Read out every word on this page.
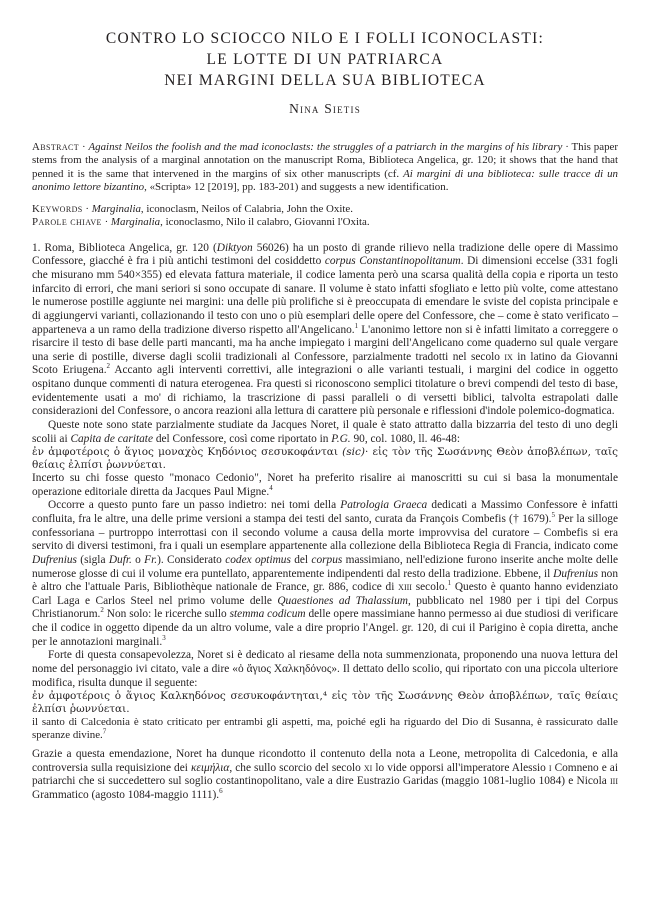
CONTRO LO SCIOCCO NILO E I FOLLI ICONOCLASTI:
LE LOTTE DI UN PATRIARCA
NEI MARGINI DELLA SUA BIBLIOTECA
Nina Sietis
Abstract · Against Neilos the foolish and the mad iconoclasts: the struggles of a patriarch in the margins of his library · This paper stems from the analysis of a marginal annotation on the manuscript Roma, Biblioteca Angelica, gr. 120; it shows that the hand that penned it is the same that intervened in the margins of six other manuscripts (cf. Ai margini di una biblioteca: sulle tracce di un anonimo lettore bizantino, «Scripta» 12 [2019], pp. 183-201) and suggests a new identification.
Keywords · Marginalia, iconoclasm, Neilos of Calabria, John the Oxite.
Parole chiave · Marginalia, iconoclasmo, Nilo il calabro, Giovanni l'Oxita.

1. Roma, Biblioteca Angelica, gr. 120 (Diktyon 56026) ha un posto di grande rilievo nella tradizione delle opere di Massimo Confessore, giacché è fra i più antichi testimoni del cosiddetto corpus Constantinopolitanum. Di dimensioni eccelse (331 fogli che misurano mm 540×355) ed elevata fattura materiale, il codice lamenta però una scarsa qualità della copia e riporta un testo infarcito di errori, che mani seriori si sono occupate di sanare. Il volume è stato infatti sfogliato e letto più volte, come attestano le numerose postille aggiunte nei margini: una delle più prolifiche si è preoccupata di emendare le sviste del copista principale e di aggiungervi varianti, collazionando il testo con uno o più esemplari delle opere del Confessore, che – come è stato verificato – apparteneva a un ramo della tradizione diverso rispetto all'Angelicano.$^1$ L'anonimo lettore non si è infatti limitato a correggere o risarcire il testo di base delle parti mancanti, ma ha anche impiegato i margini dell'Angelicano come quaderno sul quale vergare una serie di postille, diverse dagli scolii tradizionali al Confessore, parzialmente tradotti nel secolo ix in latino da Giovanni Scoto Eriugena.$^2$ Accanto agli interventi correttivi, alle integrazioni o alle varianti testuali, i margini del codice in oggetto ospitano dunque commenti di natura eterogenea. Fra questi si riconoscono semplici titolature o brevi compendi del testo di base, evidentemente usati a mo' di richiamo, la trascrizione di passi paralleli o di versetti biblici, talvolta estrapolati dalle considerazioni del Confessore, o ancora reazioni alla lettura di carattere più personale e riflessioni d'indole polemico-dogmatica.

Queste note sono state parzialmente studiate da Jacques Noret, il quale è stato attratto dalla bizzarria del testo di uno degli scolii ai Capita de caritate del Confessore, così come riportato in P.G. 90, col. 1080, ll. 46-48:

ἐν ἀμφοτέροις ὁ ἅγιος μοναχὸς Κηδόνιος σεσυκοφάνται (sic)· εἰς τὸν τῆς Σωσάννης Θεὸν ἀποβλέπων, ταῖς θείαις ἐλπίσι ῥωννύεται.

Incerto su chi fosse questo "monaco Cedonio", Noret ha preferito risalire ai manoscritti su cui si basa la monumentale operazione editoriale diretta da Jacques Paul Migne.$^4$

Occorre a questo punto fare un passo indietro: nei tomi della Patrologia Graeca dedicati a Massimo Confessore è infatti confluita, fra le altre, una delle prime versioni a stampa dei testi del santo, curata da François Combefis († 1679).$^5$ Per la silloge confessoriana – purtroppo interrottasi con il secondo volume a causa della morte improvvisa del curatore – Combefis si era servito di diversi testimoni, fra i quali un esemplare appartenente alla collezione della Biblioteca Regia di Francia, indicato come Dufrenius (sigla Dufr. o Fr.). Considerato codex optimus del corpus massimiano, nell'edizione furono inserite anche molte delle numerose glosse di cui il volume era puntellato, apparentemente indipendenti dal resto della tradizione. Ebbene, il Dufrenius non è altro che l'attuale Paris, Bibliothèque nationale de France, gr. 886, codice di xiii secolo.$^1$ Questo è quanto hanno evidenziato Carl Laga e Carlos Steel nel primo volume delle Quaestiones ad Thalassium, pubblicato nel 1980 per i tipi del Corpus Christianorum.$^2$ Non solo: le ricerche sullo stemma codicum delle opere massimiane hanno permesso ai due studiosi di verificare che il codice in oggetto dipende da un altro volume, vale a dire proprio l'Angel. gr. 120, di cui il Parigino è copia diretta, anche per le annotazioni marginali.$^3$

Forte di questa consapevolezza, Noret si è dedicato al riesame della nota summenzionata, proponendo una nuova lettura del nome del personaggio ivi citato, vale a dire «ὁ ἅγιος Χαλκηδόνος». Il dettato dello scolio, qui riportato con una piccola ulteriore modifica, risulta dunque il seguente:

ἐν ἀμφοτέροις ὁ ἅγιος Καλκηδόνος σεσυκοφάντηται,⁴ εἰς τὸν τῆς Σωσάννης Θεὸν ἀποβλέπων, ταῖς θείαις ἐλπίσι ῥωννύεται.

il santo di Calcedonia è stato criticato per entrambi gli aspetti, ma, poiché egli ha riguardo del Dio di Susanna, è rassicurato dalle speranze divine.$^7$

Grazie a questa emendazione, Noret ha dunque ricondotto il contenuto della nota a Leone, metropolita di Calcedonia, e alla controversia sulla requisizione dei κειμήλια, che sullo scorcio del secolo xi lo vide opporsi all'imperatore Alessio i Comneno e ai patriarchi che si succedettero sul soglio costantinopolitano, vale a dire Eustrazio Garidas (maggio 1081-luglio 1084) e Nicola iii Grammatico (agosto 1084-maggio 1111).$^6$
